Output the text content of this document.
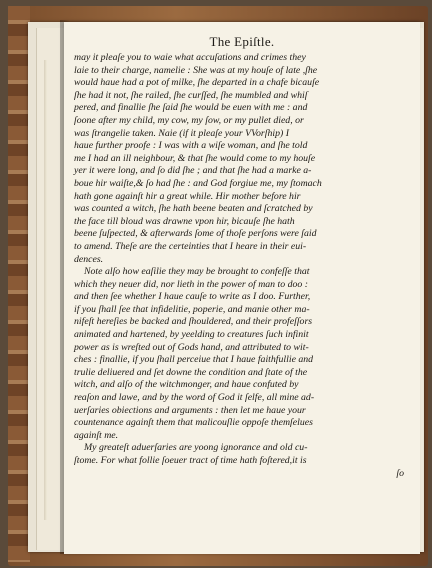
The Epiſtle.
may it pleaſe you to waie what accuſations and crimes they
laie to their charge, namelie : She was at my houſe of late ,ſhe
would haue had a pot of milke, ſhe departed in a chafe bicauſe
ſhe had it not, ſhe railed, ſhe curſſed, ſhe mumbled and whiſ
pered, and finallie ſhe ſaid ſhe would be euen with me : and
ſoone after my child, my cow, my ſow, or my pullet died, or
was ſtrangelie taken. Naie (if it pleaſe your VVorſhip) I
haue further proofe : I was with a wiſe woman, and ſhe told
me I had an ill neighbour, & that ſhe would come to my houſe
yer it were long, and ſo did ſhe ; and that ſhe had a marke a-
boue hir waiſte,& ſo had ſhe : and God forgiue me, my ſtomach
hath gone againſt hir a great while. Hir mother before hir
was counted a witch, ſhe hath beene beaten and ſcratched by
the face till bloud was drawne vpon hir, bicauſe ſhe hath
beene ſuſpected, & afterwards ſome of thoſe perſons were ſaid
to amend. Theſe are the certeinties that I heare in their eui-
dences.
Note alſo how eaſilie they may be brought to confeſſe that
which they neuer did, nor lieth in the power of man to doo :
and then ſee whether I haue cauſe to write as I doo. Further,
if you ſhall ſee that infidelitie, poperie, and manie other ma-
nifeſt hereſies be backed and ſhouldered, and their profeſſors
animated and hartened, by yeelding to creatures ſuch infinit
power as is wreſted out of Gods hand, and attributed to wit-
ches : finallie, if you ſhall perceiue that I haue faithfullie and
trulie deliuered and ſet downe the condition and ſtate of the
witch, and alſo of the witchmonger, and haue confuted by
reaſon and lawe, and by the word of God it ſelfe, all mine ad-
uerſaries obiections and arguments : then let me haue your
countenance againſt them that malicouſlie oppoſe themſelues
againſt me.
My greateſt aduerſaries are yoong ignorance and old cu-
ſtome. For what follie ſoeuer tract of time hath foſtered,it is
ſo
